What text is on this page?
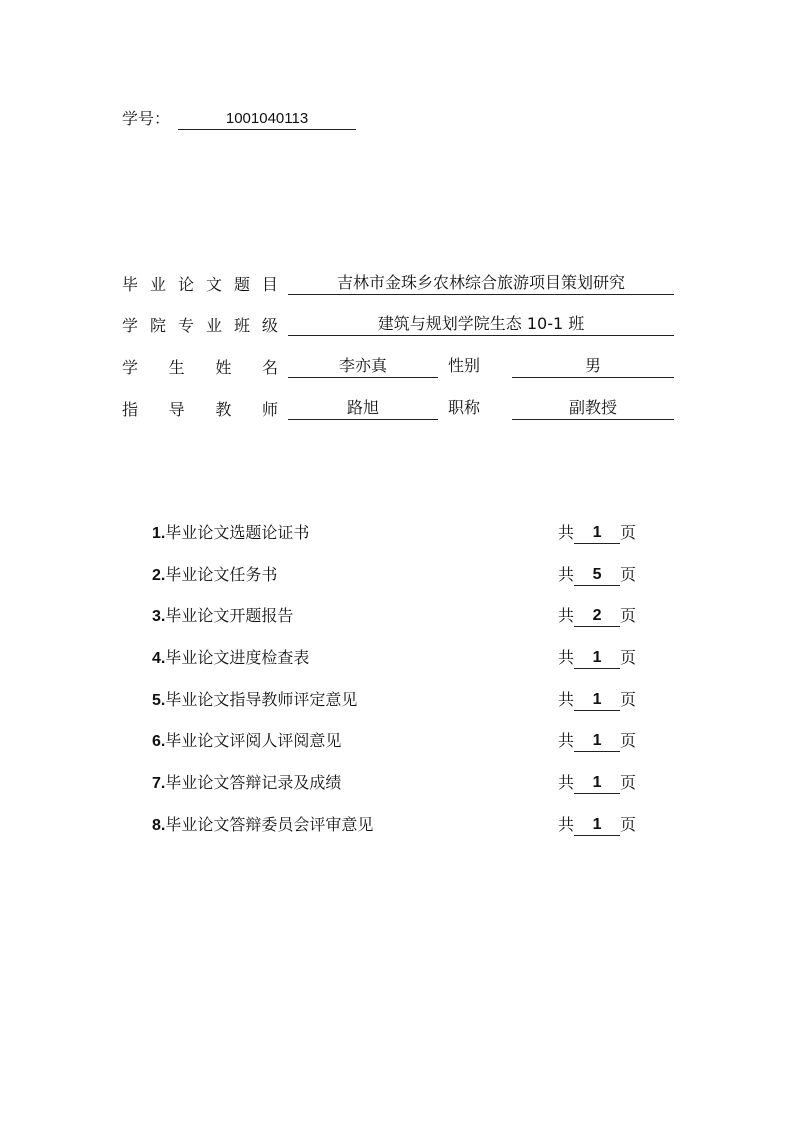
学号：	1001040113
毕 业 论 文 题 目	吉林市金珠乡农林综合旅游项目策划研究
学 院 专 业 班 级	建筑与规划学院生态 10-1 班
学 生 姓 名	李亦真	性别	男
指 导 教 师	路旭	职称	副教授
1.毕业论文选题论证书	共	1	页
2.毕业论文任务书	共	5	页
3.毕业论文开题报告	共	2	页
4.毕业论文进度检查表	共	1	页
5.毕业论文指导教师评定意见	共	1	页
6.毕业论文评阅人评阅意见	共	1	页
7.毕业论文答辩记录及成绩	共	1	页
8.毕业论文答辩委员会评审意见	共	1	页
